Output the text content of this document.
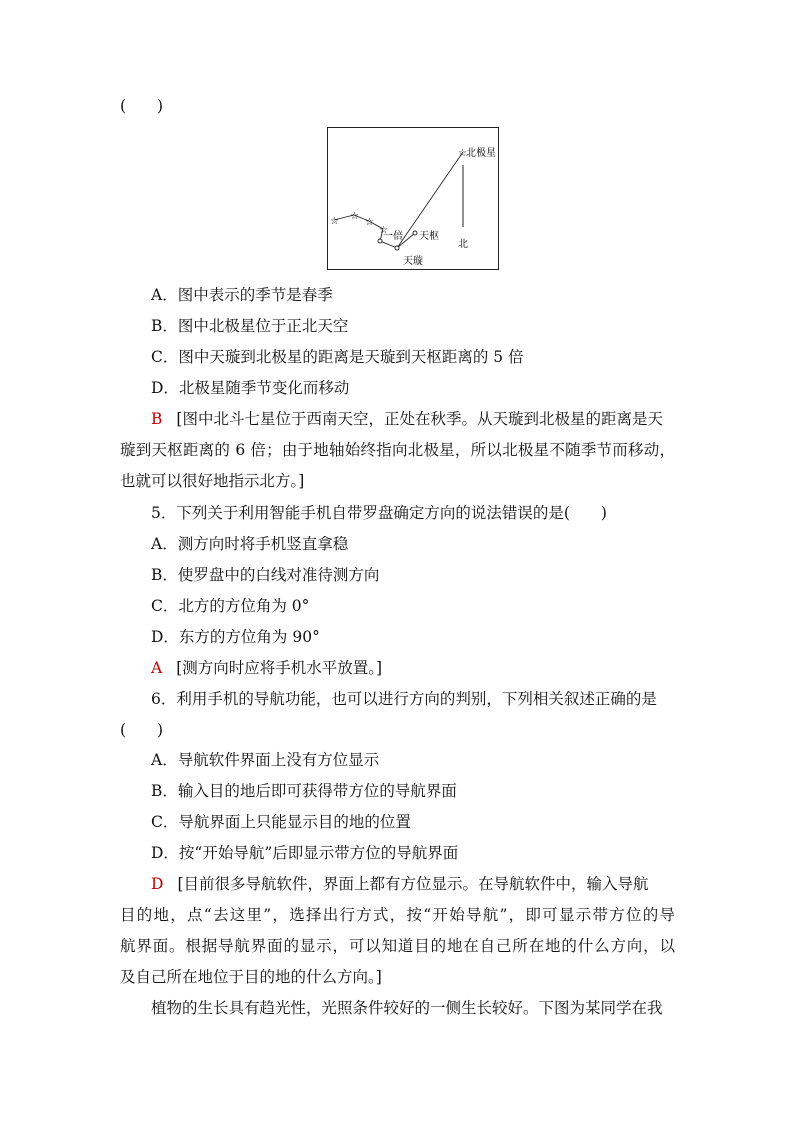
(　　)
☆ ☆
☆
☆
☆ 北极星
一倍 天枢
天璇
北
A．图中表示的季节是春季
B．图中北极星位于正北天空
C．图中天璇到北极星的距离是天璇到天枢距离的 5 倍
D．北极星随季节变化而移动
B [图中北斗七星位于西南天空，正处在秋季。从天璇到北极星的距离是天
璇到天枢距离的 6 倍；由于地轴始终指向北极星，所以北极星不随季节而移动，
也就可以很好地指示北方。]
5．下列关于利用智能手机自带罗盘确定方向的说法错误的是(　　)
A．测方向时将手机竖直拿稳
B．使罗盘中的白线对准待测方向
C．北方的方位角为 0°
D．东方的方位角为 90°
A [测方向时应将手机水平放置。]
6．利用手机的导航功能，也可以进行方向的判别，下列相关叙述正确的是
(　　)
A．导航软件界面上没有方位显示
B．输入目的地后即可获得带方位的导航界面
C．导航界面上只能显示目的地的位置
D．按“开始导航”后即显示带方位的导航界面
D [目前很多导航软件，界面上都有方位显示。在导航软件中，输入导航
目的地，点“去这里”，选择出行方式，按“开始导航”，即可显示带方位的导
航界面。根据导航界面的显示，可以知道目的地在自己所在地的什么方向，以
及自己所在地位于目的地的什么方向。]
植物的生长具有趋光性，光照条件较好的一侧生长较好。下图为某同学在我
